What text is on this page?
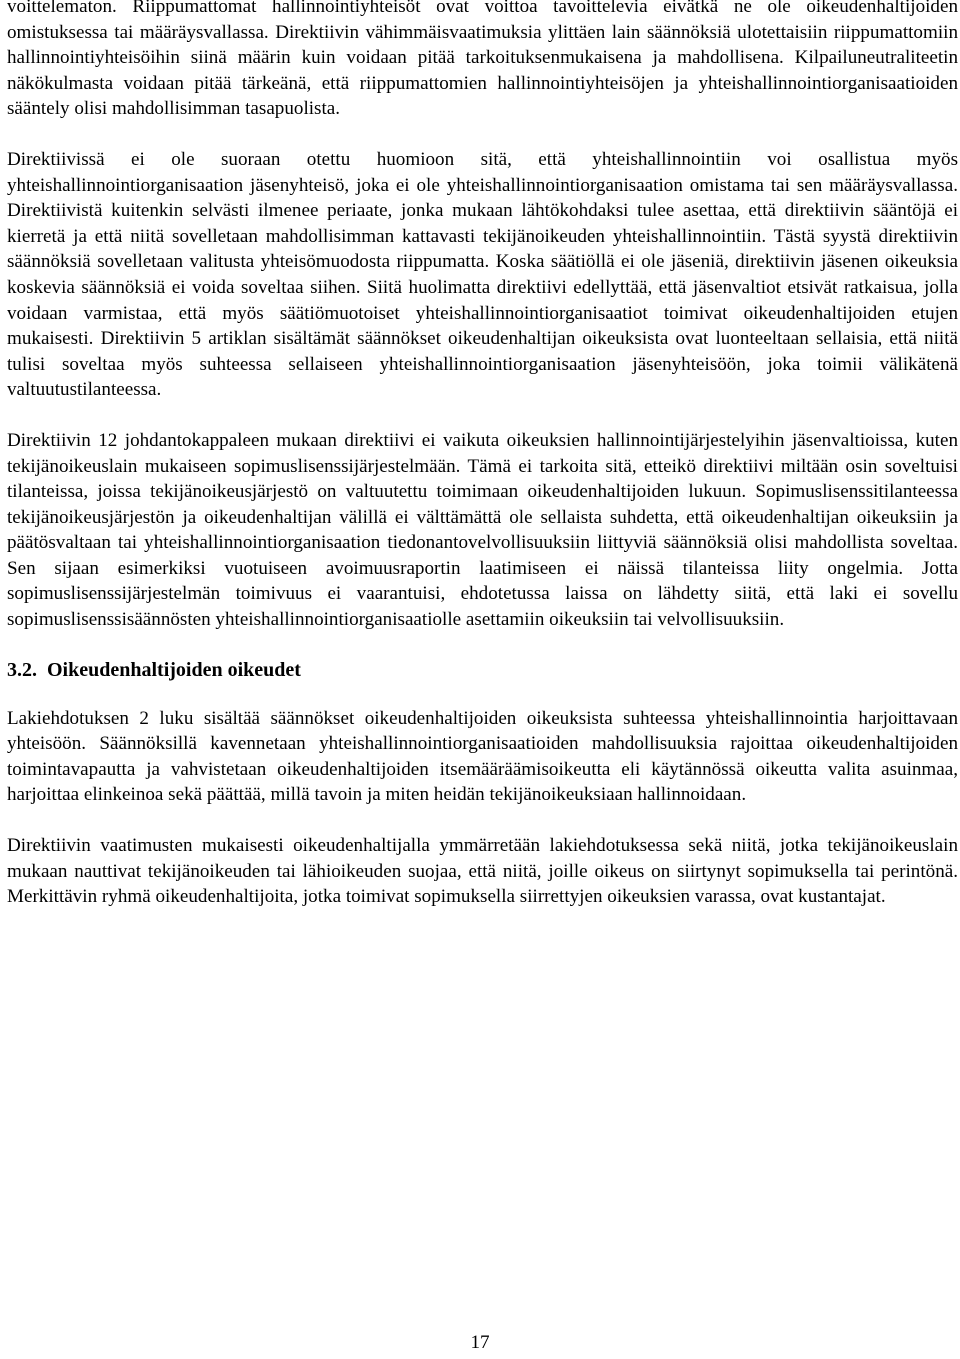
voittelematon. Riippumattomat hallinnointiyhteisöt ovat voittoa tavoittelevia eivätkä ne ole oikeudenhaltijoiden omistuksessa tai määräysvallassa. Direktiivin vähimmäisvaatimuksia ylittäen lain säännöksiä ulotettaisiin riippumattomiin hallinnointiyhteisöihin siinä määrin kuin voidaan pitää tarkoituksenmukaisena ja mahdollisena. Kilpailuneutraliteetin näkökulmasta voidaan pitää tärkeänä, että riippumattomien hallinnointiyhteisöjen ja yhteishallinnointiorganisaatioiden sääntely olisi mahdollisimman tasapuolista.

Direktiivissä ei ole suoraan otettu huomioon sitä, että yhteishallinnointiin voi osallistua myös yhteishallinnointiorganisaation jäsenyhteisö, joka ei ole yhteishallinnointiorganisaation omistama tai sen määräysvallassa. Direktiivistä kuitenkin selvästi ilmenee periaate, jonka mukaan lähtökohdaksi tulee asettaa, että direktiivin sääntöjä ei kierretä ja että niitä sovelletaan mahdollisimman kattavasti tekijänoikeuden yhteishallinnointiin. Tästä syystä direktiivin säännöksiä sovelletaan valitusta yhteisömuodosta riippumatta. Koska säätiöllä ei ole jäseniä, direktiivin jäsenen oikeuksia koskevia säännöksiä ei voida soveltaa siihen. Siitä huolimatta direktiivi edellyttää, että jäsenvaltiot etsivät ratkaisua, jolla voidaan varmistaa, että myös säätiömuotoiset yhteishallinnointiorganisaatiot toimivat oikeudenhaltijoiden etujen mukaisesti. Direktiivin 5 artiklan sisältämät säännökset oikeudenhaltijan oikeuksista ovat luonteeltaan sellaisia, että niitä tulisi soveltaa myös suhteessa sellaiseen yhteishallinnointiorganisaation jäsenyhteisöön, joka toimii välikätenä valtuutustilanteessa.

Direktiivin 12 johdantokappaleen mukaan direktiivi ei vaikuta oikeuksien hallinnointijärjestelyihin jäsenvaltioissa, kuten tekijänoikeuslain mukaiseen sopimuslisenssijärjestelmään. Tämä ei tarkoita sitä, etteikö direktiivi miltään osin soveltuisi tilanteissa, joissa tekijänoikeusjärjestö on valtuutettu toimimaan oikeudenhaltijoiden lukuun. Sopimuslisenssitilanteessa tekijänoikeusjärjestön ja oikeudenhaltijan välillä ei välttämättä ole sellaista suhdetta, että oikeudenhaltijan oikeuksiin ja päätösvaltaan tai yhteishallinnointiorganisaation tiedonantovelvollisuuksiin liittyviä säännöksiä olisi mahdollista soveltaa. Sen sijaan esimerkiksi vuotuiseen avoimuusraportin laatimiseen ei näissä tilanteissa liity ongelmia. Jotta sopimuslisenssijärjestelmän toimivuus ei vaarantuisi, ehdotetussa laissa on lähdetty siitä, että laki ei sovellu sopimuslisenssisäännösten yhteishallinnointiorganisaatiolle asettamiin oikeuksiin tai velvollisuuksiin.

3.2. Oikeudenhaltijoiden oikeudet

Lakiehdotuksen 2 luku sisältää säännökset oikeudenhaltijoiden oikeuksista suhteessa yhteishallinnointia harjoittavaan yhteisöön. Säännöksillä kavennetaan yhteishallinnointiorganisaatioiden mahdollisuuksia rajoittaa oikeudenhaltijoiden toimintavapautta ja vahvistetaan oikeudenhaltijoiden itsemääräämisoikeutta eli käytännössä oikeutta valita asuinmaa, harjoittaa elinkeinoa sekä päättää, millä tavoin ja miten heidän tekijänoikeuksiaan hallinnoidaan.

Direktiivin vaatimusten mukaisesti oikeudenhaltijalla ymmärretään lakiehdotuksessa sekä niitä, jotka tekijänoikeuslain mukaan nauttivat tekijänoikeuden tai lähioikeuden suojaa, että niitä, joille oikeus on siirtynyt sopimuksella tai perintönä. Merkittävin ryhmä oikeudenhaltijoita, jotka toimivat sopimuksella siirrettyjen oikeuksien varassa, ovat kustantajat.

17
